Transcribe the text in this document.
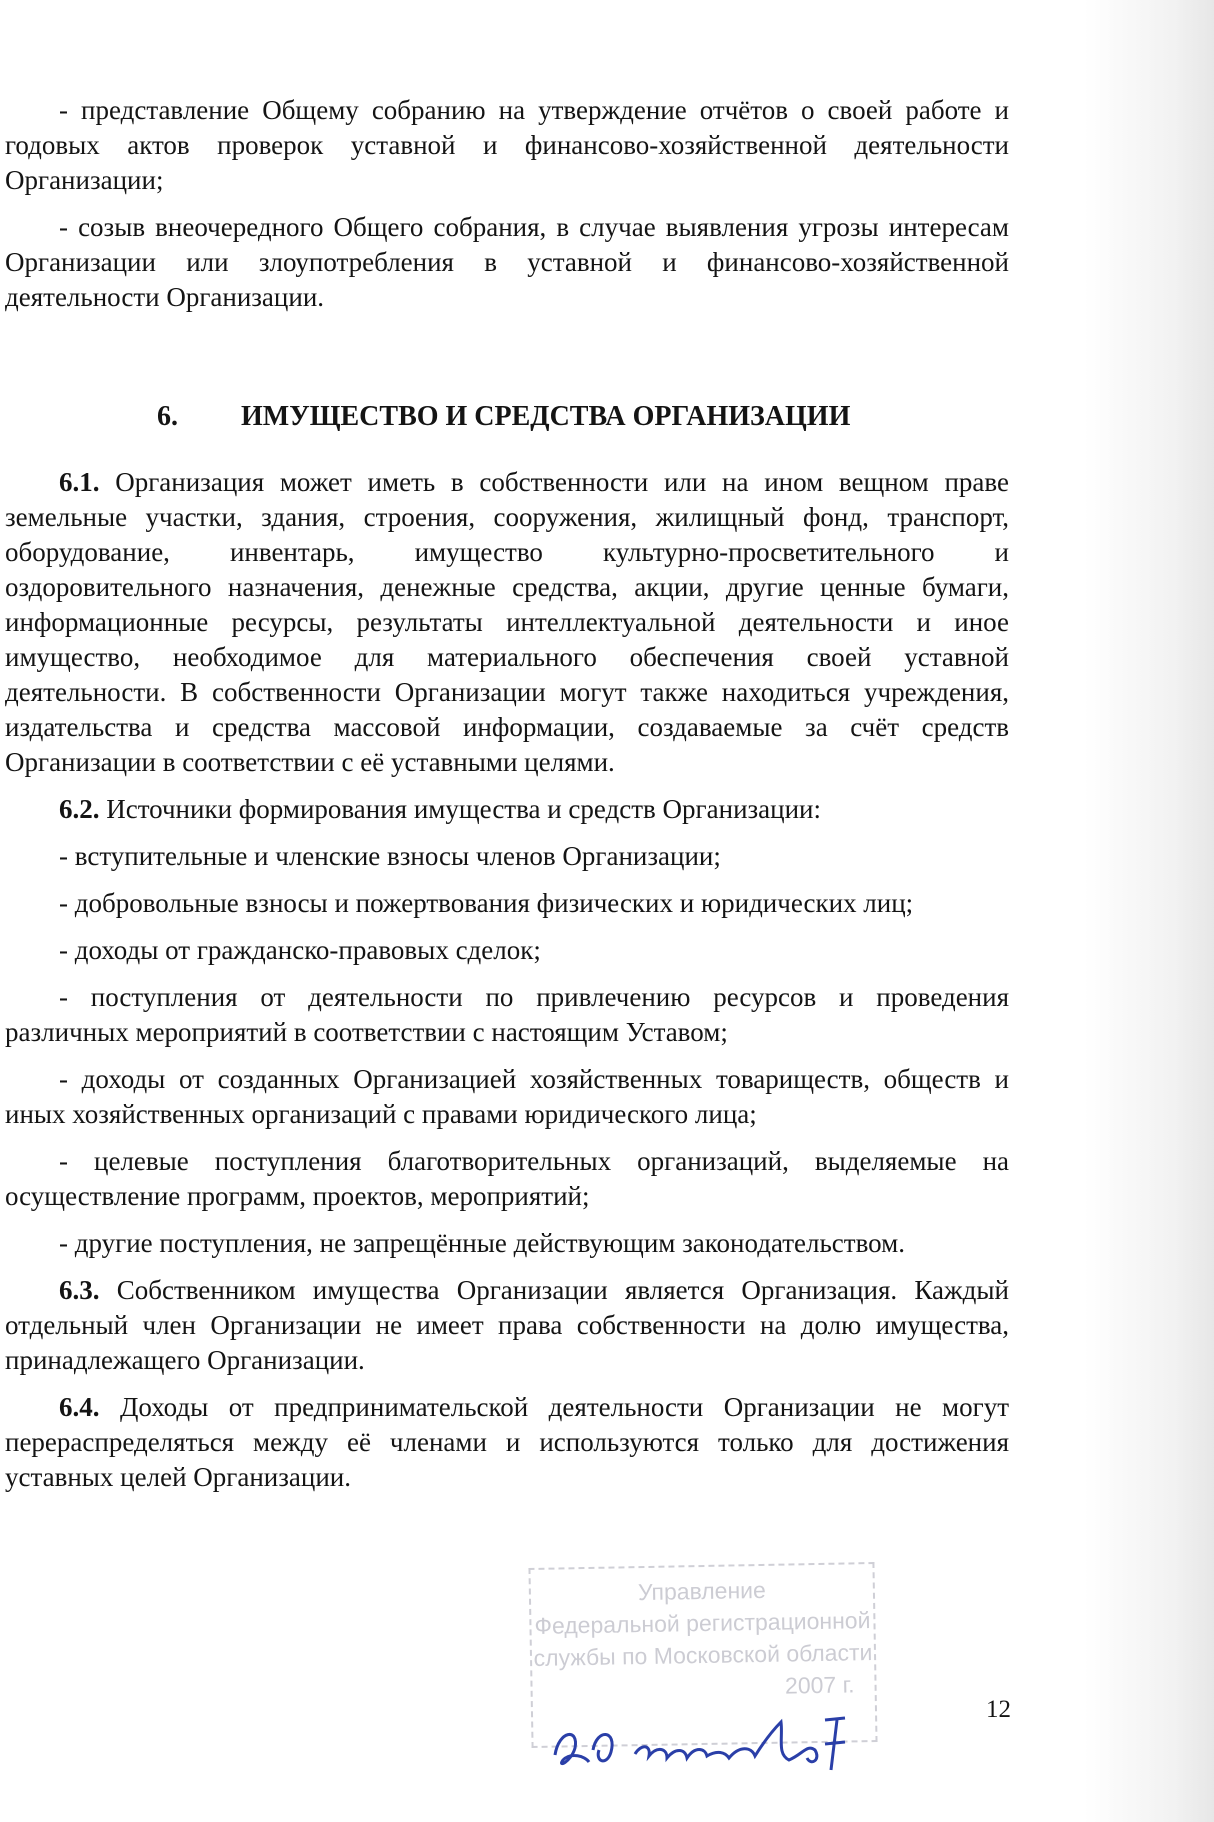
- представление Общему собранию на утверждение отчётов о своей работе и годовых актов проверок уставной и финансово-хозяйственной деятельности Организации;

- созыв внеочередного Общего собрания, в случае выявления угрозы интересам Организации или злоупотребления в уставной и финансово-хозяйственной деятельности Организации.

6. ИМУЩЕСТВО И СРЕДСТВА ОРГАНИЗАЦИИ

6.1. Организация может иметь в собственности или на ином вещном праве земельные участки, здания, строения, сооружения, жилищный фонд, транспорт, оборудование, инвентарь, имущество культурно-просветительного и оздоровительного назначения, денежные средства, акции, другие ценные бумаги, информационные ресурсы, результаты интеллектуальной деятельности и иное имущество, необходимое для материального обеспечения своей уставной деятельности. В собственности Организации могут также находиться учреждения, издательства и средства массовой информации, создаваемые за счёт средств Организации в соответствии с её уставными целями.

6.2. Источники формирования имущества и средств Организации:

- вступительные и членские взносы членов Организации;

- добровольные взносы и пожертвования физических и юридических лиц;

- доходы от гражданско-правовых сделок;

- поступления от деятельности по привлечению ресурсов и проведения различных мероприятий в соответствии с настоящим Уставом;

- доходы от созданных Организацией хозяйственных товариществ, обществ и иных хозяйственных организаций с правами юридического лица;

- целевые поступления благотворительных организаций, выделяемые на осуществление программ, проектов, мероприятий;

- другие поступления, не запрещённые действующим законодательством.

6.3. Собственником имущества Организации является Организация. Каждый отдельный член Организации не имеет права собственности на долю имущества, принадлежащего Организации.

6.4. Доходы от предпринимательской деятельности Организации не могут перераспределяться между её членами и используются только для достижения уставных целей Организации.

Управление
Федеральной регистрационной
службы по Московской области
2007 г.
12
